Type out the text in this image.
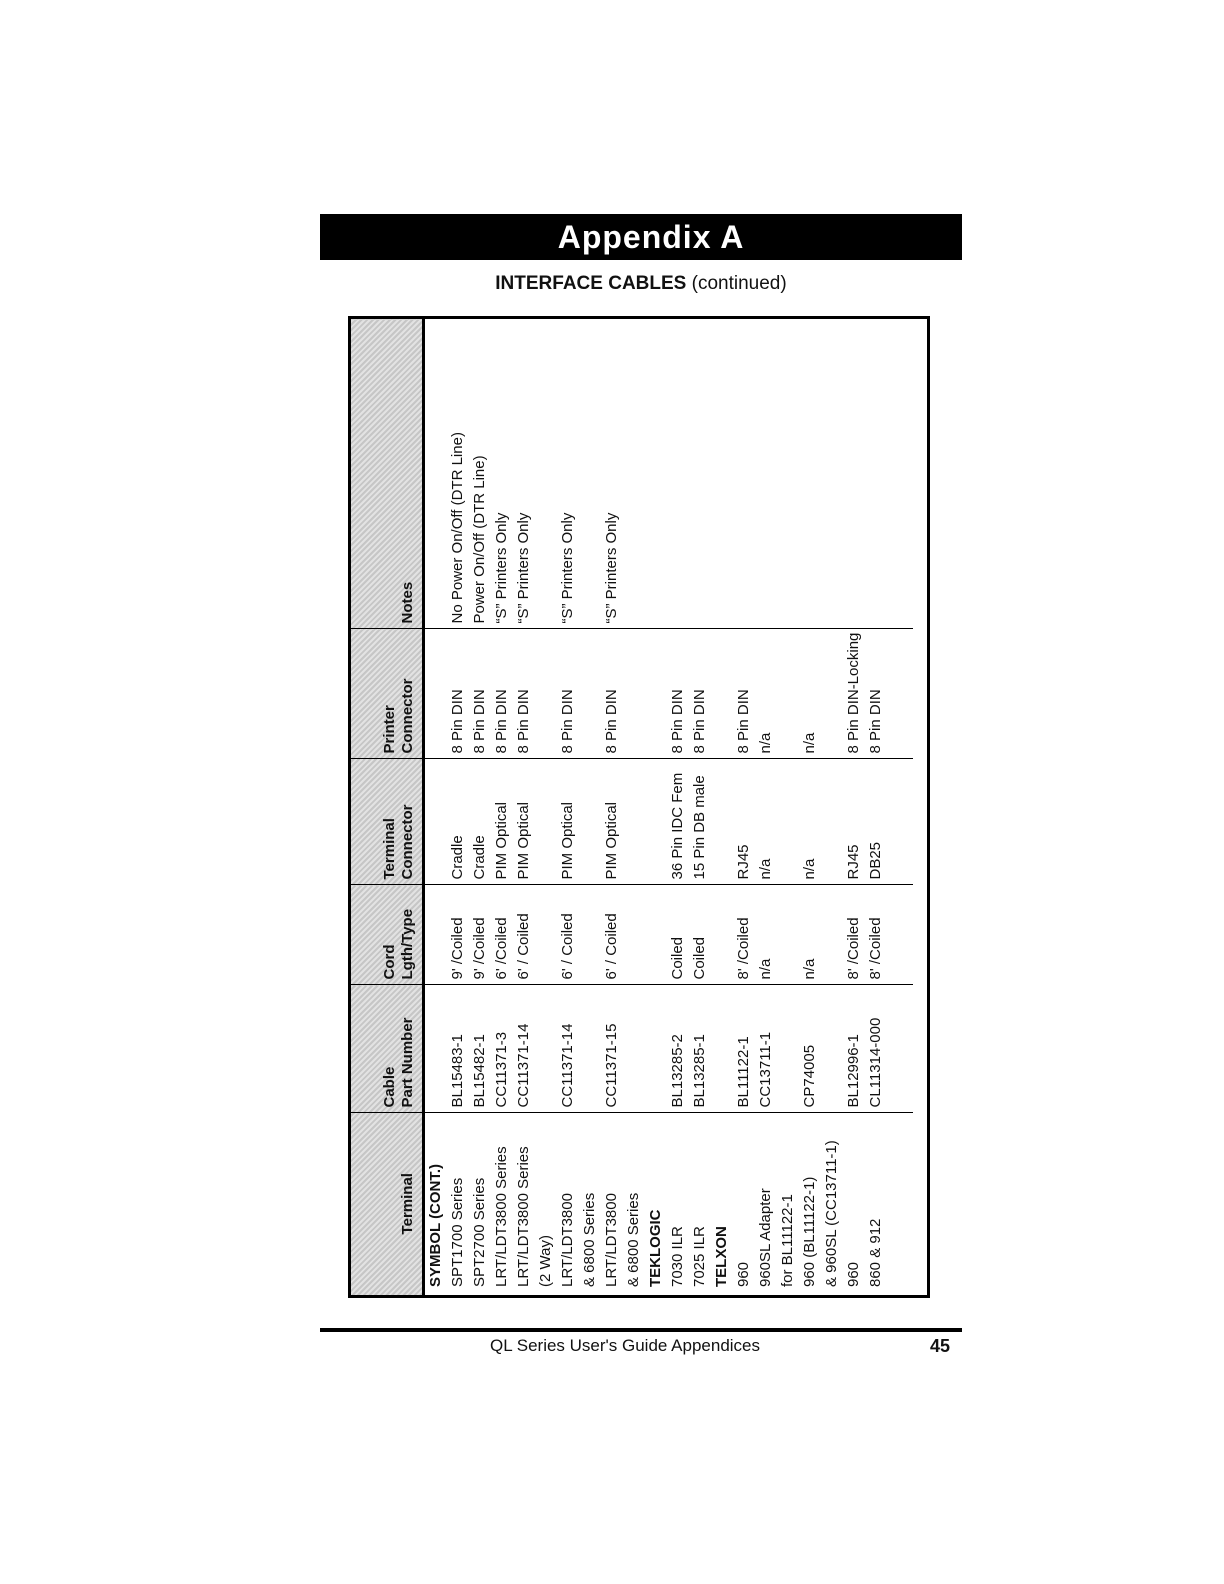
Appendix A
INTERFACE CABLES (continued)
Terminal	Cable Part Number	Cord Lgth/Type	Terminal Connector	Printer Connector	Notes
SYMBOL (CONT.)					
SPT1700 Series	BL15483-1	9' /Coiled	Cradle	8 Pin DIN	No Power On/Off (DTR Line)
SPT2700 Series	BL15482-1	9' /Coiled	Cradle	8 Pin DIN	Power On/Off (DTR Line)
LRT/LDT3800 Series	CC11371-3	6' /Coiled	PIM Optical	8 Pin DIN	“S” Printers Only
LRT/LDT3800 Series	CC11371-14	6' / Coiled	PIM Optical	8 Pin DIN	“S” Printers Only
(2 Way)					
LRT/LDT3800	CC11371-14	6' / Coiled	PIM Optical	8 Pin DIN	“S” Printers Only
& 6800 Series					
LRT/LDT3800	CC11371-15	6' / Coiled	PIM Optical	8 Pin DIN	“S” Printers Only
& 6800 Series					
TEKLOGIC					
7030 ILR	BL13285-2	Coiled	36 Pin IDC Fem	8 Pin DIN	
7025 ILR	BL13285-1	Coiled	15 Pin DB male	8 Pin DIN	
TELXON					
960	BL11122-1	8' /Coiled	RJ45	8 Pin DIN	
960SL Adapter	CC13711-1	n/a	n/a	n/a	
for BL11122-1					
960 (BL11122-1)	CP74005	n/a	n/a	n/a	
& 960SL (CC13711-1)					
960	BL12996-1	8' /Coiled	RJ45	8 Pin DIN-Locking	
860 & 912	CL11314-000	8' /Coiled	DB25	8 Pin DIN	

QL Series User's Guide Appendices	45
